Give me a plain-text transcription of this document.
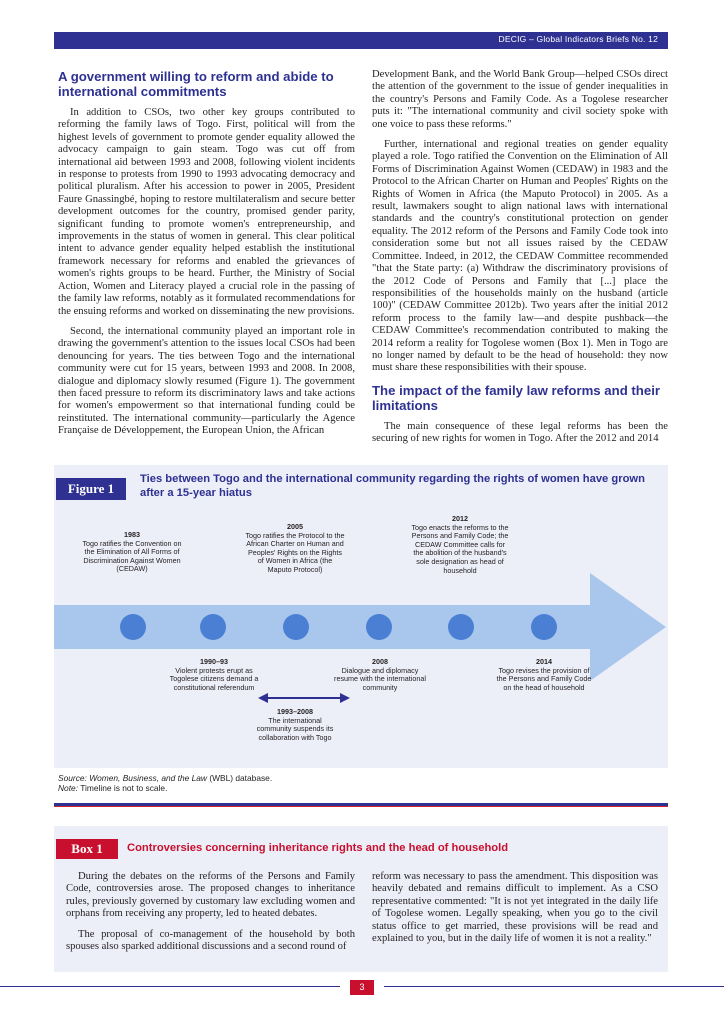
DECIG – Global Indicators Briefs No. 12
A government willing to reform and abide to international commitments

In addition to CSOs, two other key groups contributed to reforming the family laws of Togo. First, political will from the highest levels of government to promote gender equality allowed the advocacy campaign to gain steam. Togo was cut off from international aid between 1993 and 2008, following violent incidents in response to protests from 1990 to 1993 advocating democracy and political pluralism. After his accession to power in 2005, President Faure Gnassingbé, hoping to restore multilateralism and secure better development outcomes for the country, promised gender parity, significant funding to promote women's entrepreneurship, and improvements in the status of women in general. This clear political intent to advance gender equality helped establish the institutional framework necessary for reforms and enabled the grievances of women's rights groups to be heard. Further, the Ministry of Social Action, Women and Literacy played a crucial role in the passing of the family law reforms, notably as it formulated recommendations for the ensuing reforms and worked on disseminating the new provisions.

Second, the international community played an important role in drawing the government's attention to the issues local CSOs had been denouncing for years. The ties between Togo and the international community were cut for 15 years, between 1993 and 2008. In 2008, dialogue and diplomacy slowly resumed (Figure 1). The government then faced pressure to reform its discriminatory laws and take actions for women's empowerment so that international funding could be reinstituted. The international community—particularly the Agence Française de Développement, the European Union, the African

Development Bank, and the World Bank Group—helped CSOs direct the attention of the government to the issue of gender inequalities in the country's Persons and Family Code. As a Togolese researcher puts it: "The international community and civil society spoke with one voice to pass these reforms."

Further, international and regional treaties on gender equality played a role. Togo ratified the Convention on the Elimination of All Forms of Discrimination Against Women (CEDAW) in 1983 and the Protocol to the African Charter on Human and Peoples' Rights on the Rights of Women in Africa (the Maputo Protocol) in 2005. As a result, lawmakers sought to align national laws with international standards and the country's constitutional protection on gender equality. The 2012 reform of the Persons and Family Code took into consideration some but not all issues raised by the CEDAW Committee. Indeed, in 2012, the CEDAW Committee recommended "that the State party: (a) Withdraw the discriminatory provisions of the 2012 Code of Persons and Family that [...] place the responsibilities of the households mainly on the husband (article 100)" (CEDAW Committee 2012b). Two years after the initial 2012 reform process to the family law—and despite pushback—the CEDAW Committee's recommendation contributed to making the 2014 reform a reality for Togolese women (Box 1). Men in Togo are no longer named by default to be the head of household: they now must share these responsibilities with their spouse.

The impact of the family law reforms and their limitations

The main consequence of these legal reforms has been the securing of new rights for women in Togo. After the 2012 and 2014

Figure 1
Ties between Togo and the international community regarding the rights of women have grown after a 15-year hiatus
1983
Togo ratifies the Convention on the Elimination of All Forms of Discrimination Against Women (CEDAW)
2005
Togo ratifies the Protocol to the African Charter on Human and Peoples' Rights on the Rights of Women in Africa (the Maputo Protocol)
2012
Togo enacts the reforms to the Persons and Family Code; the CEDAW Committee calls for the abolition of the husband's sole designation as head of household
1990–93
Violent protests erupt as Togolese citizens demand a constitutional referendum
2008
Dialogue and diplomacy resume with the international community
2014
Togo revises the provision of the Persons and Family Code on the head of household
1993–2008
The international community suspends its collaboration with Togo
Source: Women, Business, and the Law (WBL) database.
Note: Timeline is not to scale.
Box 1	Controversies concerning inheritance rights and the head of household

During the debates on the reforms of the Persons and Family Code, controversies arose. The proposed changes to inheritance rules, previously governed by customary law excluding women and orphans from receiving any property, led to heated debates.

The proposal of co-management of the household by both spouses also sparked additional discussions and a second round of

reform was necessary to pass the amendment. This disposition was heavily debated and remains difficult to implement. As a CSO representative commented: "It is not yet integrated in the daily life of Togolese women. Legally speaking, when you go to the civil status office to get married, these provisions will be read and explained to you, but in the daily life of women it is not a reality."

3
